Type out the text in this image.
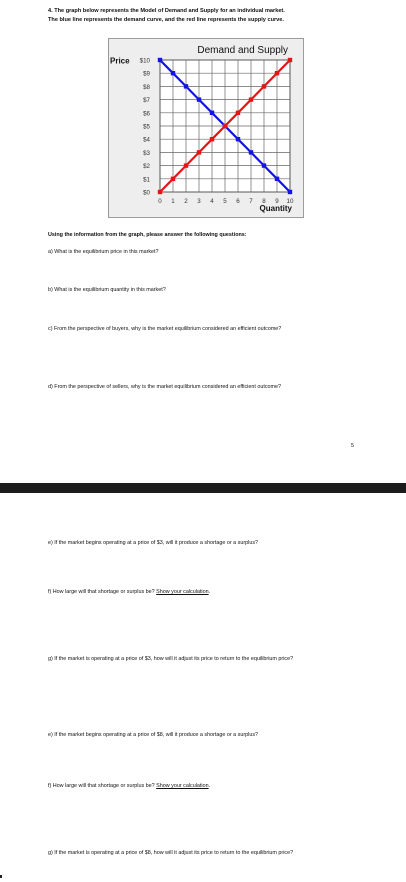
4. The graph below represents the Model of Demand and Supply for an individual market.
The blue line represents the demand curve, and the red line represents the supply curve.
Demand and Supply
Price $10
$9
$8
$7
$6
$5
$4
$3
$2
$1
$0
0 1 2 3 4 5 6 7 8 9 10
Quantity
Using the information from the graph, please answer the following questions:
a) What is the equilibrium price in this market?
b) What is the equilibrium quantity in this market?
c) From the perspective of buyers, why is the market equilibrium considered an efficient outcome?
d) From the perspective of sellers, why is the market equilibrium considered an efficient outcome?
5
e) If the market begins operating at a price of $3, will it produce a shortage or a surplus?
f) How large will that shortage or surplus be? Show your calculation.
g) If the market is operating at a price of $3, how will it adjust its price to return to the equilibrium price?
e) If the market begins operating at a price of $8, will it produce a shortage or a surplus?
f) How large will that shortage or surplus be? Show your calculation.
g) If the market is operating at a price of $8, how will it adjust its price to return to the equilibrium price?
